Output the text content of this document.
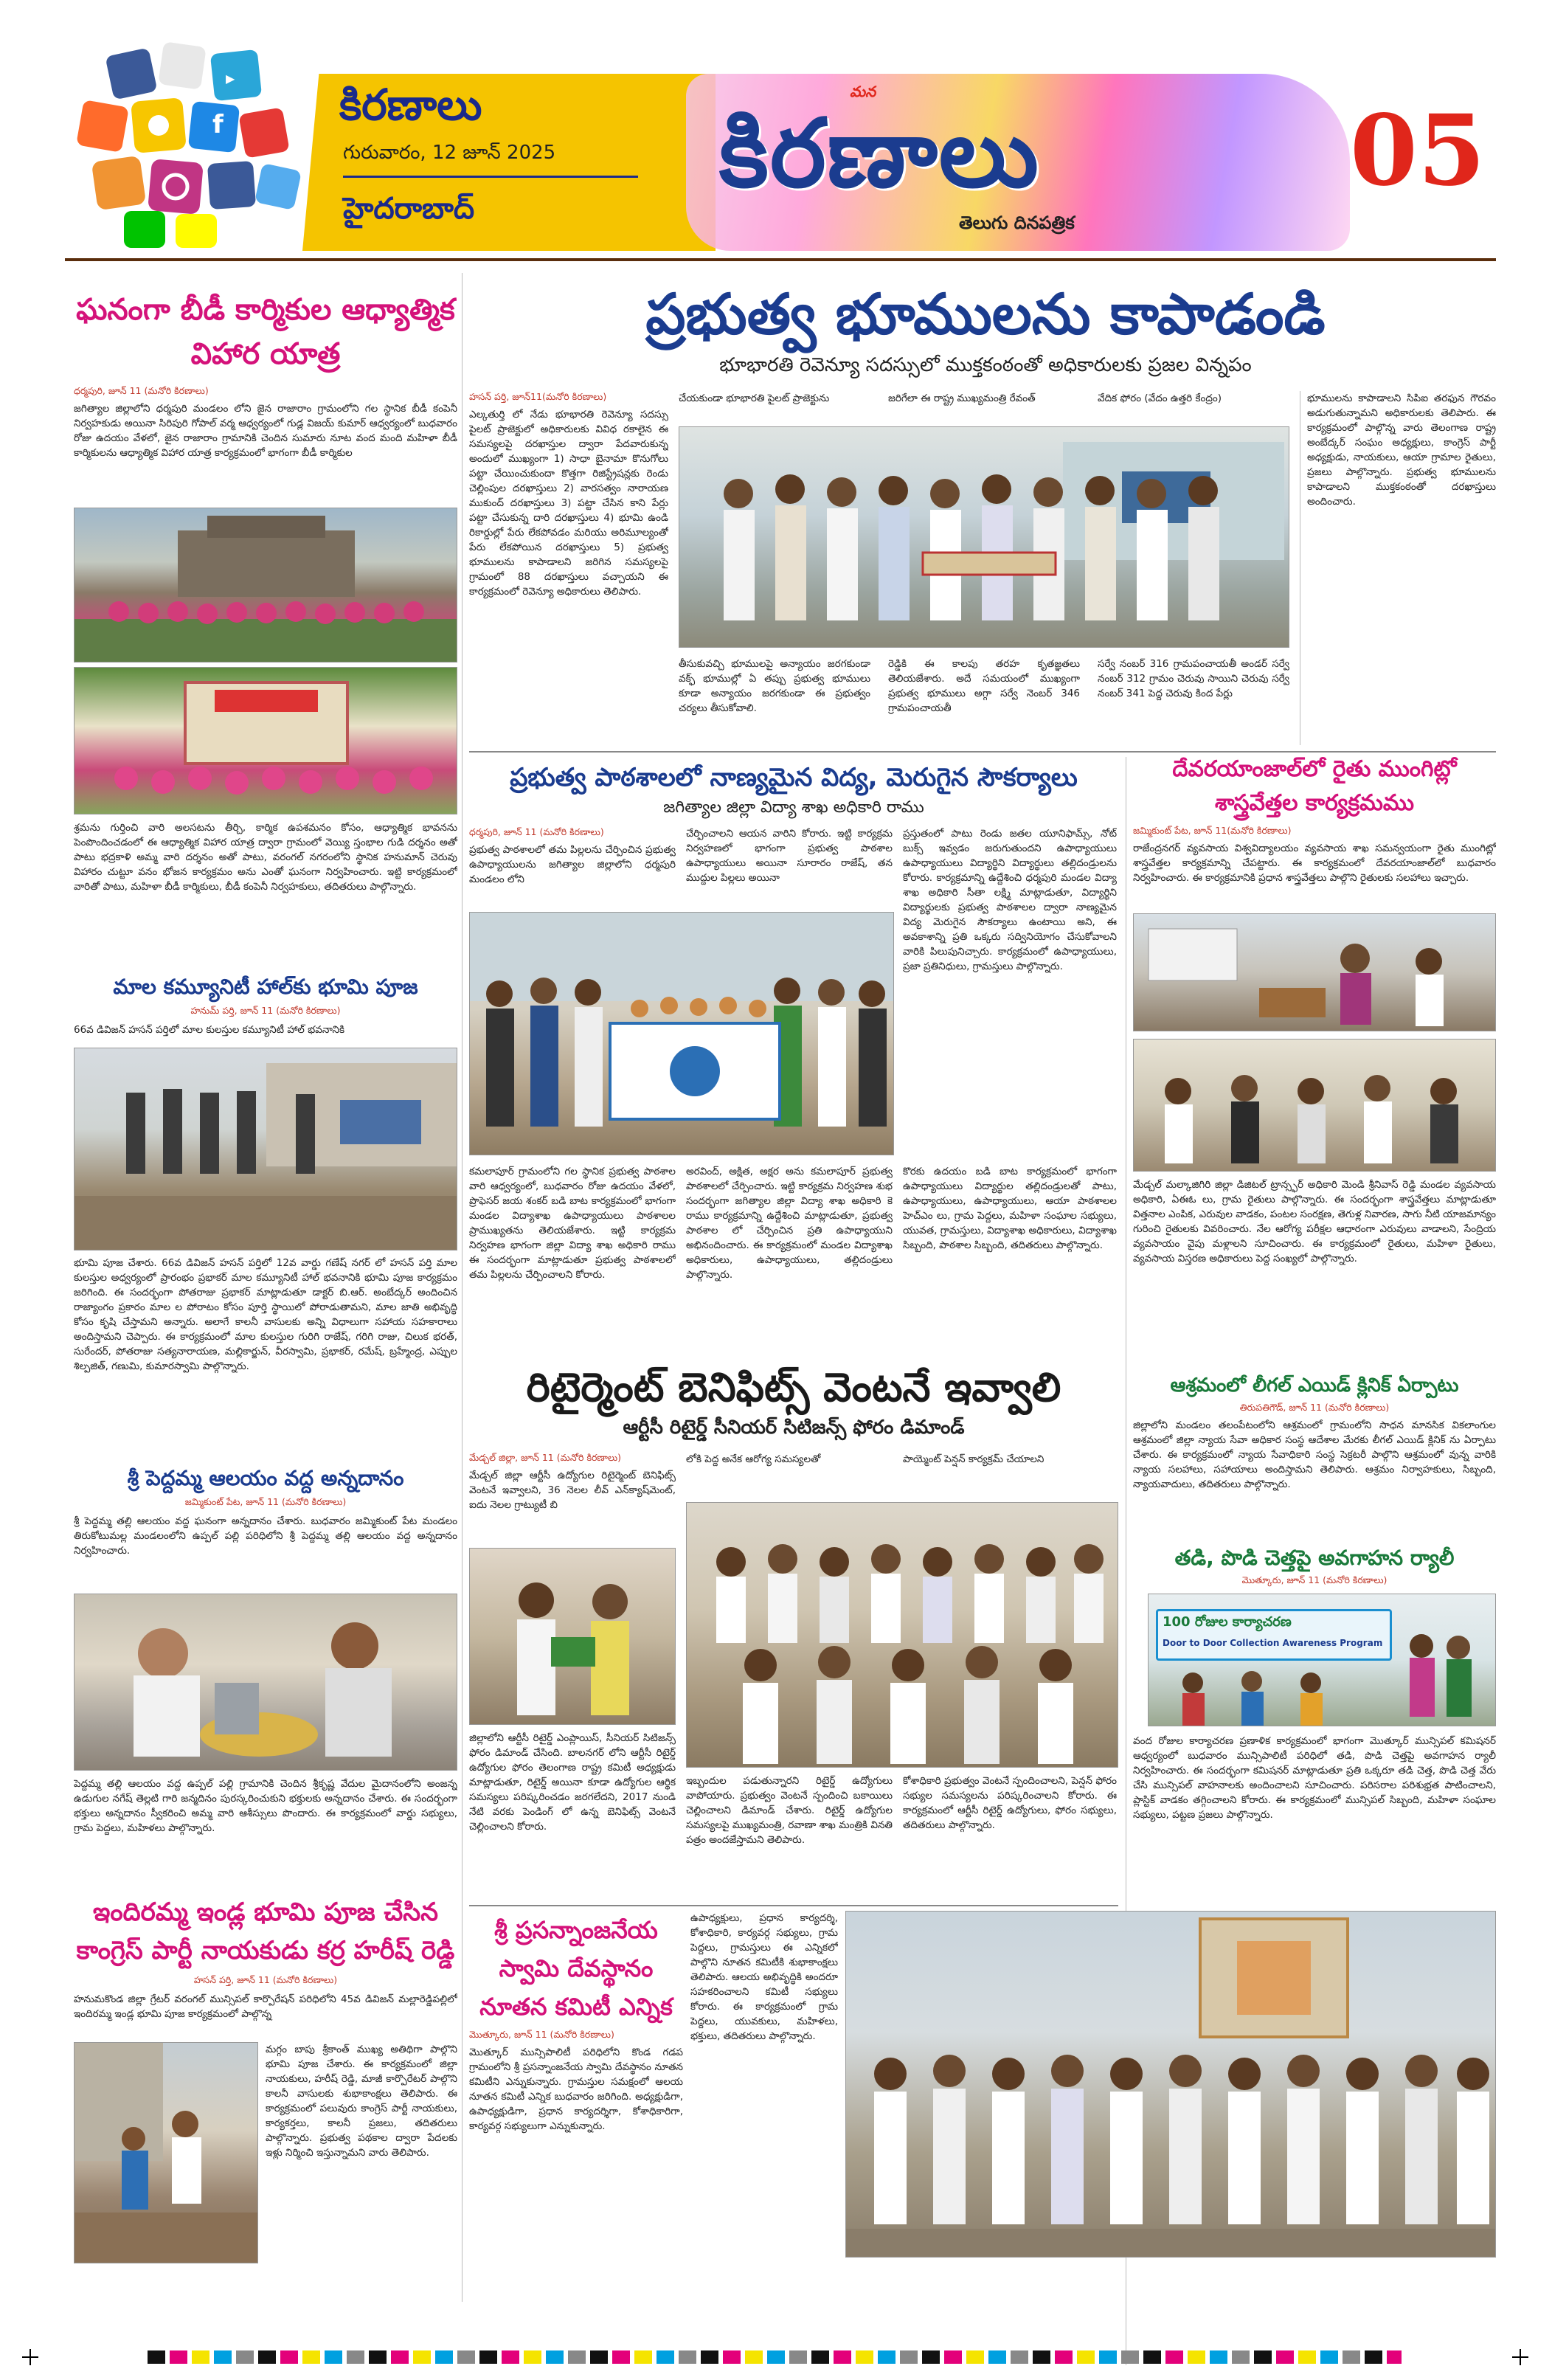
f
▶
కిరణాలు
గురువారం, 12 జూన్ 2025
హైదరాబాద్
మన
కిరణాలు
తెలుగు దినపత్రిక
05
ఘనంగా బీడీ కార్మికుల ఆధ్యాత్మిక విహార యాత్ర
ధర్మపురి, జూన్ 11 (మనోరి కిరణాలు)
జగిత్యాల జిల్లాలోని ధర్మపురి మండలం లోని జైన రాజారాం గ్రామంలోని గల స్థానిక బీడీ కంపెనీ నిర్వహకుడు అయినా సిరిపురి గోపాల్ వర్మ ఆధ్వర్యంలో గుడ్ల విజయ్ కుమార్ ఆధ్వర్యంలో బుధవారం రోజు ఉదయం వేళలో, జైన రాజారాం గ్రామానికి చెందిన సుమారు నూట వంద మంది మహిళా బీడీ కార్మికులను ఆధ్యాత్మిక విహార యాత్ర కార్యక్రమంలో భాగంగా బీడీ కార్మికుల
శ్రమను గుర్తించి వారి అలసటను తీర్చి, కార్మిక ఉపశమనం కోసం, ఆధ్యాత్మిక భావనను పెంపొందించడంలో ఈ ఆధ్యాత్మిక విహార యాత్ర ద్వారా గ్రామంలో వెయ్యి స్తంభాల గుడి దర్శనం అతో పాటు భద్రకాళి అమ్మ వారి దర్శనం అతో పాటు, వరంగల్ నగరంలోని స్థానిక హనుమాన్ చెరువు విహారం చుట్టూ వనం భోజన కార్యక్రమం అను ఎంతో ఘనంగా నిర్వహించారు. ఇట్టి కార్యక్రమంలో వారితో పాటు, మహిళా బీడీ కార్మికులు, బీడీ కంపెనీ నిర్వహకులు, తదితరులు పాల్గొన్నారు.
మాల కమ్యూనిటీ హాల్‌కు భూమి పూజ
హనుమ్ పర్తి, జూన్ 11 (మనోరి కిరణాలు)
66వ డివిజన్ హసన్ పర్తిలో మాల కులస్తుల కమ్యూనిటీ హాల్ భవనానికి
భూమి పూజ చేశారు. 66వ డివిజన్ హసన్ పర్తిలో 12వ వార్డు గణేష్ నగర్ లో హసన్ పర్తి మాల కులస్తుల అధ్వర్యంలో ప్రారంభం ప్రభాకర్ మాల కమ్యూనిటీ హాల్ భవనానికి భూమి పూజ కార్యక్రమం జరిగింది. ఈ సందర్భంగా పోతరాజు ప్రభాకర్ మాట్లాడుతూ డాక్టర్ బి.ఆర్. అంబేద్కర్ అందించిన రాజ్యాంగం ప్రకారం మాల ల పోరాటం కోసం పూర్తి స్థాయిలో పోరాడుతామని, మాల జాతి అభివృద్ధి కోసం కృషి చేస్తామని అన్నారు. అలాగే కాలనీ వాసులకు అన్ని విధాలుగా సహాయ సహకారాలు అందిస్తామని చెప్పారు. ఈ కార్యక్రమంలో మాల కులస్తుల గురిగి రాజేష్, గరిగి రాజు, చిలుక భరత్, సురేందర్, పోతరాజు సత్యనారాయణ, మల్లికార్జున్, వీరస్వామి, ప్రభాకర్, రమేష్, బ్రహ్మేంద్ర, ఎప్పుల శిల్పజిత్, గణుమి, కుమారస్వామి పాల్గొన్నారు.
శ్రీ పెద్దమ్మ ఆలయం వద్ద అన్నదానం
జమ్మికుంట్ పేట, జూన్ 11 (మనోరి కిరణాలు)
శ్రీ పెద్దమ్మ తల్లి ఆలయం వద్ద ఘనంగా అన్నదానం చేశారు. బుధవారం జమ్మికుంట్ పేట మండలం తిరుకోటుమల్ల మండలంలోని ఉప్పల్ పల్లి పరిధిలోని శ్రీ పెద్దమ్మ తల్లి ఆలయం వద్ద అన్నదానం నిర్వహించారు.
పెద్దమ్మ తల్లి ఆలయం వద్ద ఉప్పల్ పల్లి గ్రామానికి చెందిన శ్రీకృష్ణ వేదుల మైదానంలోని అంజన్న ఉడుగుల నగేష్ తెల్లటి గారి జన్మదినం పురస్కరించుకుని భక్తులకు అన్నదానం చేశారు. ఈ సందర్భంగా భక్తులు అన్నదానం స్వీకరించి అమ్మ వారి ఆశీస్సులు పొందారు. ఈ కార్యక్రమంలో వార్డు సభ్యులు, గ్రామ పెద్దలు, మహిళలు పాల్గొన్నారు.
ఇందిరమ్మ ఇండ్ల భూమి పూజ చేసిన కాంగ్రెస్ పార్టీ నాయకుడు కర్ర హరీష్ రెడ్డి
హసన్ పర్తి, జూన్ 11 (మనోరి కిరణాలు)
హనుమకొండ జిల్లా గ్రేటర్ వరంగల్ మున్సిపల్ కార్పొరేషన్ పరిధిలోని 45వ డివిజన్ మల్లారెడ్డిపల్లిలో ఇందిరమ్మ ఇండ్ల భూమి పూజ కార్యక్రమంలో పాల్గొన్న
మగ్గం బాపు శ్రీకాంత్ ముఖ్య అతిథిగా పాల్గొని భూమి పూజ చేశారు. ఈ కార్యక్రమంలో జిల్లా నాయకులు, హరీష్ రెడ్డి, మాజీ కార్పొరేటర్ పాల్గొని కాలనీ వాసులకు శుభాకాంక్షలు తెలిపారు. ఈ కార్యక్రమంలో పలువురు కాంగ్రెస్ పార్టీ నాయకులు, కార్యకర్తలు, కాలనీ ప్రజలు, తదితరులు పాల్గొన్నారు. ప్రభుత్వ పథకాల ద్వారా పేదలకు ఇళ్లు నిర్మించి ఇస్తున్నామని వారు తెలిపారు.
ప్రభుత్వ భూములను కాపాడండి
భూభారతి రెవెన్యూ సదస్సులో ముక్తకంఠంతో అధికారులకు ప్రజల విన్నపం
హసన్ పర్తి, జూన్11(మనోరి కిరణాలు)
ఎల్కతుర్తి లో నేడు భూభారతి రెవెన్యూ సదస్సు పైలట్ ప్రాజెక్టులో అధికారులకు వివిధ రకాలైన ఈ సమస్యలపై దరఖాస్తుల ద్వారా పేదవారుకున్న అందులో ముఖ్యంగా 1) సాధా బైనామా కొనుగోలు పట్టా చేయించుకుందా కొత్తగా రిజిస్ట్రేషన్లకు రెండు చెల్లింపుల దరఖాస్తులు 2) వారసత్వం నారాయణ ముకుంద్ దరఖాస్తులు 3) పట్టా చేసిన కాని పేర్లు పట్టా చేసుకున్న దారి దరఖాస్తులు 4) భూమి ఉండి రికార్డుల్లో పేరు లేకపోవడం మరియు అరిమూల్యంతో పేరు లేకపోయిన దరఖాస్తులు 5) ప్రభుత్వ భూములను కాపాడాలని జరిగిన సమస్యలపై గ్రామంలో 88 దరఖాస్తులు వచ్చాయని ఈ కార్యక్రమంలో రెవెన్యూ అధికారులు తెలిపారు.
చేయకుండా భూభారతి పైలట్ ప్రాజెక్టును	జరిగేలా ఈ రాష్ట్ర ముఖ్యమంత్రి రేవంత్	వేదిక ఫోరం (వేదం ఉత్తరి కేంద్రం)
తీసుకువచ్చి భూములపై అన్యాయం జరగకుండా వక్ఫ్ భూముల్లో ఏ తప్పు ప్రభుత్వ భూములు కూడా అన్యాయం జరగకుండా ఈ ప్రభుత్వం చర్యలు తీసుకోవాలి.
రెడ్డికి ఈ కాలపు తరహ కృతజ్ఞతలు తెలియజేశారు. అదే సమయంలో ముఖ్యంగా ప్రభుత్వ భూములు అగ్గా సర్వే నెంబర్ 346 గ్రామపంచాయతీ
సర్వే నంబర్ 316 గ్రామపంచాయతీ అండర్ సర్వే నంబర్ 312 గ్రామం చెరువు సాయిని చెరువు సర్వే నంబర్ 341 పెద్ద చెరువు కింద పేర్లు
భూములను కాపాడాలని సిపిఐ తరఫున గౌరవం అడుగుతున్నామని అధికారులకు తెలిపారు. ఈ కార్యక్రమంలో పాల్గొన్న వారు తెలంగాణ రాష్ట్ర అంబేద్కర్ సంఘం అధ్యక్షులు, కాంగ్రెస్ పార్టీ అధ్యక్షుడు, నాయకులు, ఆయా గ్రామాల రైతులు, ప్రజలు పాల్గొన్నారు. ప్రభుత్వ భూములను కాపాడాలని ముక్తకంఠంతో దరఖాస్తులు అందించారు.
ప్రభుత్వ పాఠశాలలో నాణ్యమైన విద్య, మెరుగైన సౌకర్యాలు
జగిత్యాల జిల్లా విద్యా శాఖ అధికారి రాము
ధర్మపురి, జూన్ 11 (మనోరి కిరణాలు)
ప్రభుత్వ పాఠశాలలో తమ పిల్లలను చేర్పించిన ప్రభుత్వ ఉపాధ్యాయులను జగిత్యాల జిల్లాలోని ధర్మపురి మండలం లోని
చేర్పించాలని ఆయన వారిని కోరారు. ఇట్టి కార్యక్రమ నిర్వహణలో భాగంగా ప్రభుత్వ పాఠశాల ఉపాధ్యాయులు అయినా సూరారం రాజేష్, తన ముద్దుల పిల్లలు అయినా
ప్రస్తుతంలో పాటు రెండు జతల యూనిఫామ్స్, నోట్ బుక్స్ ఇవ్వడం జరుగుతుందని ఉపాధ్యాయులు ఉపాధ్యాయులు విద్యార్థిని విద్యార్థులు తల్లిదండ్రులను కోరారు. కార్యక్రమాన్ని ఉద్దేశించి ధర్మపురి మండల విద్యా శాఖ అధికారి సీతా లక్ష్మి మాట్లాడుతూ, విద్యార్థిని విద్యార్థులకు ప్రభుత్వ పాఠశాలల ద్వారా నాణ్యమైన విద్య మెరుగైన సౌకర్యాలు ఉంటాయి అని, ఈ అవకాశాన్ని ప్రతి ఒక్కరు సద్వినియోగం చేసుకోవాలని వారికి పిలుపునిచ్చారు. కార్యక్రమంలో ఉపాధ్యాయులు, ప్రజా ప్రతినిధులు, గ్రామస్తులు పాల్గొన్నారు.
కమలాపూర్ గ్రామంలోని గల స్థానిక ప్రభుత్వ పాఠశాల వారి ఆధ్వర్యంలో, బుధవారం రోజు ఉదయం వేళలో, ప్రొఫెసర్ జయ శంకర్ బడి బాట కార్యక్రమంలో భాగంగా మండల విద్యాశాఖ ఉపాధ్యాయులు పాఠశాలల ప్రాముఖ్యతను తెలియజేశారు. ఇట్టి కార్యక్రమ నిర్వహణ భాగంగా జిల్లా విద్యా శాఖ అధికారి రాము ఈ సందర్భంగా మాట్లాడుతూ ప్రభుత్వ పాఠశాలలో తమ పిల్లలను చేర్పించాలని కోరారు.
అరవింద్, అక్షిత, అక్షర అను కమలాపూర్ ప్రభుత్వ పాఠశాలలో చేర్పించారు. ఇట్టి కార్యక్రమ నిర్వహణ శుభ సందర్భంగా జగిత్యాల జిల్లా విద్యా శాఖ అధికారి కె రాము కార్యక్రమాన్ని ఉద్దేశించి మాట్లాడుతూ, ప్రభుత్వ పాఠశాల లో చేర్పించిన ప్రతి ఉపాధ్యాయుని అభినందించారు. ఈ కార్యక్రమంలో మండల విద్యాశాఖ అధికారులు, ఉపాధ్యాయులు, తల్లిదండ్రులు పాల్గొన్నారు.
కొరకు ఉదయం బడి బాట కార్యక్రమంలో భాగంగా ఉపాధ్యాయులు విద్యార్థుల తల్లిదండ్రులతో పాటు, ఉపాధ్యాయులు, ఉపాధ్యాయులు, ఆయా పాఠశాలల హెచ్ఎం లు, గ్రామ పెద్దలు, మహిళా సంఘాల సభ్యులు, యువత, గ్రామస్తులు, విద్యాశాఖ అధికారులు, విద్యాశాఖ సిబ్బంది, పాఠశాల సిబ్బంది, తదితరులు పాల్గొన్నారు.
దేవరయాంజాల్‌లో రైతు ముంగిట్లో శాస్త్రవేత్తల కార్యక్రమము
జమ్మికుంట్ పేట, జూన్ 11(మనోరి కిరణాలు)
రాజేంద్రనగర్ వ్యవసాయ విశ్వవిద్యాలయం వ్యవసాయ శాఖ సమన్వయంగా రైతు ముంగిట్లో శాస్త్రవేత్తల కార్యక్రమాన్ని చేపట్టారు. ఈ కార్యక్రమంలో దేవరయాంజాల్‌లో బుధవారం నిర్వహించారు. ఈ కార్యక్రమానికి ప్రధాన శాస్త్రవేత్తలు పాల్గొని రైతులకు సలహాలు ఇచ్చారు.
మేడ్చల్ మల్కాజిగిరి జిల్లా డిజిటల్ ట్రాన్స్ఫర్ అధికారి మెండి శ్రీనివాస్ రెడ్డి మండల వ్యవసాయ అధికారి, ఏఈఓ లు, గ్రామ రైతులు పాల్గొన్నారు. ఈ సందర్భంగా శాస్త్రవేత్తలు మాట్లాడుతూ విత్తనాల ఎంపిక, ఎరువుల వాడకం, పంటల సంరక్షణ, తెగుళ్ల నివారణ, సాగు నీటి యాజమాన్యం గురించి రైతులకు వివరించారు. నేల ఆరోగ్య పరీక్షల ఆధారంగా ఎరువులు వాడాలని, సేంద్రియ వ్యవసాయం వైపు మళ్లాలని సూచించారు. ఈ కార్యక్రమంలో రైతులు, మహిళా రైతులు, వ్యవసాయ విస్తరణ అధికారులు పెద్ద సంఖ్యలో పాల్గొన్నారు.
ఆశ్రమంలో లీగల్ ఎయిడ్ క్లినిక్ ఏర్పాటు
తిరుపతిగౌడ్, జూన్ 11 (మనోరి కిరణాలు)
జిల్లాలోని మండలం తలంపేటంలోని ఆశ్రమంలో గ్రామంలోని సాధన మానసిక వికలాంగుల ఆశ్రమంలో జిల్లా న్యాయ సేవా అధికార సంస్థ ఆదేశాల మేరకు లీగల్ ఎయిడ్ క్లినిక్ ను ఏర్పాటు చేశారు. ఈ కార్యక్రమంలో న్యాయ సేవాధికారి సంస్థ సెక్రటరీ పాల్గొని ఆశ్రమంలో వున్న వారికి న్యాయ సలహాలు, సహాయాలు అందిస్తామని తెలిపారు. ఆశ్రమం నిర్వాహకులు, సిబ్బంది, న్యాయవాదులు, తదితరులు పాల్గొన్నారు.
తడి, పొడి చెత్తపై అవగాహన ర్యాలీ
మొత్కూరు, జూన్ 11 (మనోరి కిరణాలు)
100 రోజుల కార్యాచరణ
Door to Door Collection Awareness Program
వంద రోజుల కార్యాచరణ ప్రణాళిక కార్యక్రమంలో భాగంగా మొత్కూర్ మున్సిపల్ కమిషనర్ ఆధ్వర్యంలో బుధవారం మున్సిపాలిటీ పరిధిలో తడి, పొడి చెత్తపై అవగాహన ర్యాలీ నిర్వహించారు. ఈ సందర్భంగా కమిషనర్ మాట్లాడుతూ ప్రతి ఒక్కరూ తడి చెత్త, పొడి చెత్త వేరు చేసి మున్సిపల్ వాహనాలకు అందించాలని సూచించారు. పరిసరాల పరిశుభ్రత పాటించాలని, ప్లాస్టిక్ వాడకం తగ్గించాలని కోరారు. ఈ కార్యక్రమంలో మున్సిపల్ సిబ్బంది, మహిళా సంఘాల సభ్యులు, పట్టణ ప్రజలు పాల్గొన్నారు.
రిటైర్మెంట్ బెనిఫిట్స్ వెంటనే ఇవ్వాలి
ఆర్టీసీ రిటైర్డ్ సీనియర్ సిటిజన్స్ ఫోరం డిమాండ్
మేడ్చల్ జిల్లా, జూన్ 11 (మనోరి కిరణాలు)
మేడ్చల్ జిల్లా ఆర్టీసీ ఉద్యోగుల రిటైర్మెంట్ బెనిఫిట్స్ వెంటనే ఇవ్వాలని, 36 నెలల లీవ్ ఎన్‌క్యాష్‌మెంట్, ఐదు నెలల గ్రాట్యుటీ బి
లోకి పెద్ద అనేక ఆరోగ్య సమస్యలతో	పాయ్మెంట్ పెన్షన్ కార్యక్రమ్ చేయాలని
జిల్లాలోని ఆర్టీసీ రిటైర్డ్ ఎంప్లాయిస్, సీనియర్ సిటిజన్స్ ఫోరం డిమాండ్ చేసింది. బాలనగర్ లోని ఆర్టీసీ రిటైర్డ్ ఉద్యోగుల ఫోరం తెలంగాణ రాష్ట్ర కమిటీ అధ్యక్షుడు మాట్లాడుతూ, రిటైర్డ్ అయినా కూడా ఉద్యోగుల ఆర్థిక సమస్యలు పరిష్కరించడం జరగలేదని, 2017 నుండి నేటి వరకు పెండింగ్ లో ఉన్న బెనిఫిట్స్ వెంటనే చెల్లించాలని కోరారు.
ఇబ్బందుల పడుతున్నారని రిటైర్డ్ ఉద్యోగులు వాపోయారు. ప్రభుత్వం వెంటనే స్పందించి బకాయిలు చెల్లించాలని డిమాండ్ చేశారు. రిటైర్డ్ ఉద్యోగుల సమస్యలపై ముఖ్యమంత్రి, రవాణా శాఖ మంత్రికి వినతి పత్రం అందజేస్తామని తెలిపారు.
కోశాధికారి ప్రభుత్వం వెంటనే స్పందించాలని, పెన్షన్ ఫోరం సభ్యుల సమస్యలను పరిష్కరించాలని కోరారు. ఈ కార్యక్రమంలో ఆర్టీసీ రిటైర్డ్ ఉద్యోగులు, ఫోరం సభ్యులు, తదితరులు పాల్గొన్నారు.
శ్రీ ప్రసన్నాంజనేయ స్వామి దేవస్థానం నూతన కమిటీ ఎన్నిక
మొత్కూరు, జూన్ 11 (మనోరి కిరణాలు)
మొత్కూర్ మున్సిపాలిటీ పరిధిలోని కొండ గడప గ్రామంలోని శ్రీ ప్రసన్నాంజనేయ స్వామి దేవస్థానం నూతన కమిటీని ఎన్నుకున్నారు. గ్రామస్తుల సమక్షంలో ఆలయ నూతన కమిటీ ఎన్నిక బుధవారం జరిగింది. అధ్యక్షుడిగా, ఉపాధ్యక్షుడిగా, ప్రధాన కార్యదర్శిగా, కోశాధికారిగా, కార్యవర్గ సభ్యులుగా ఎన్నుకున్నారు.
ఉపాధ్యక్షులు, ప్రధాన కార్యదర్శి, కోశాధికారి, కార్యవర్గ సభ్యులు, గ్రామ పెద్దలు, గ్రామస్తులు ఈ ఎన్నికలో పాల్గొని నూతన కమిటీకి శుభాకాంక్షలు తెలిపారు. ఆలయ అభివృద్ధికి అందరూ సహకరించాలని కమిటీ సభ్యులు కోరారు. ఈ కార్యక్రమంలో గ్రామ పెద్దలు, యువకులు, మహిళలు, భక్తులు, తదితరులు పాల్గొన్నారు.
